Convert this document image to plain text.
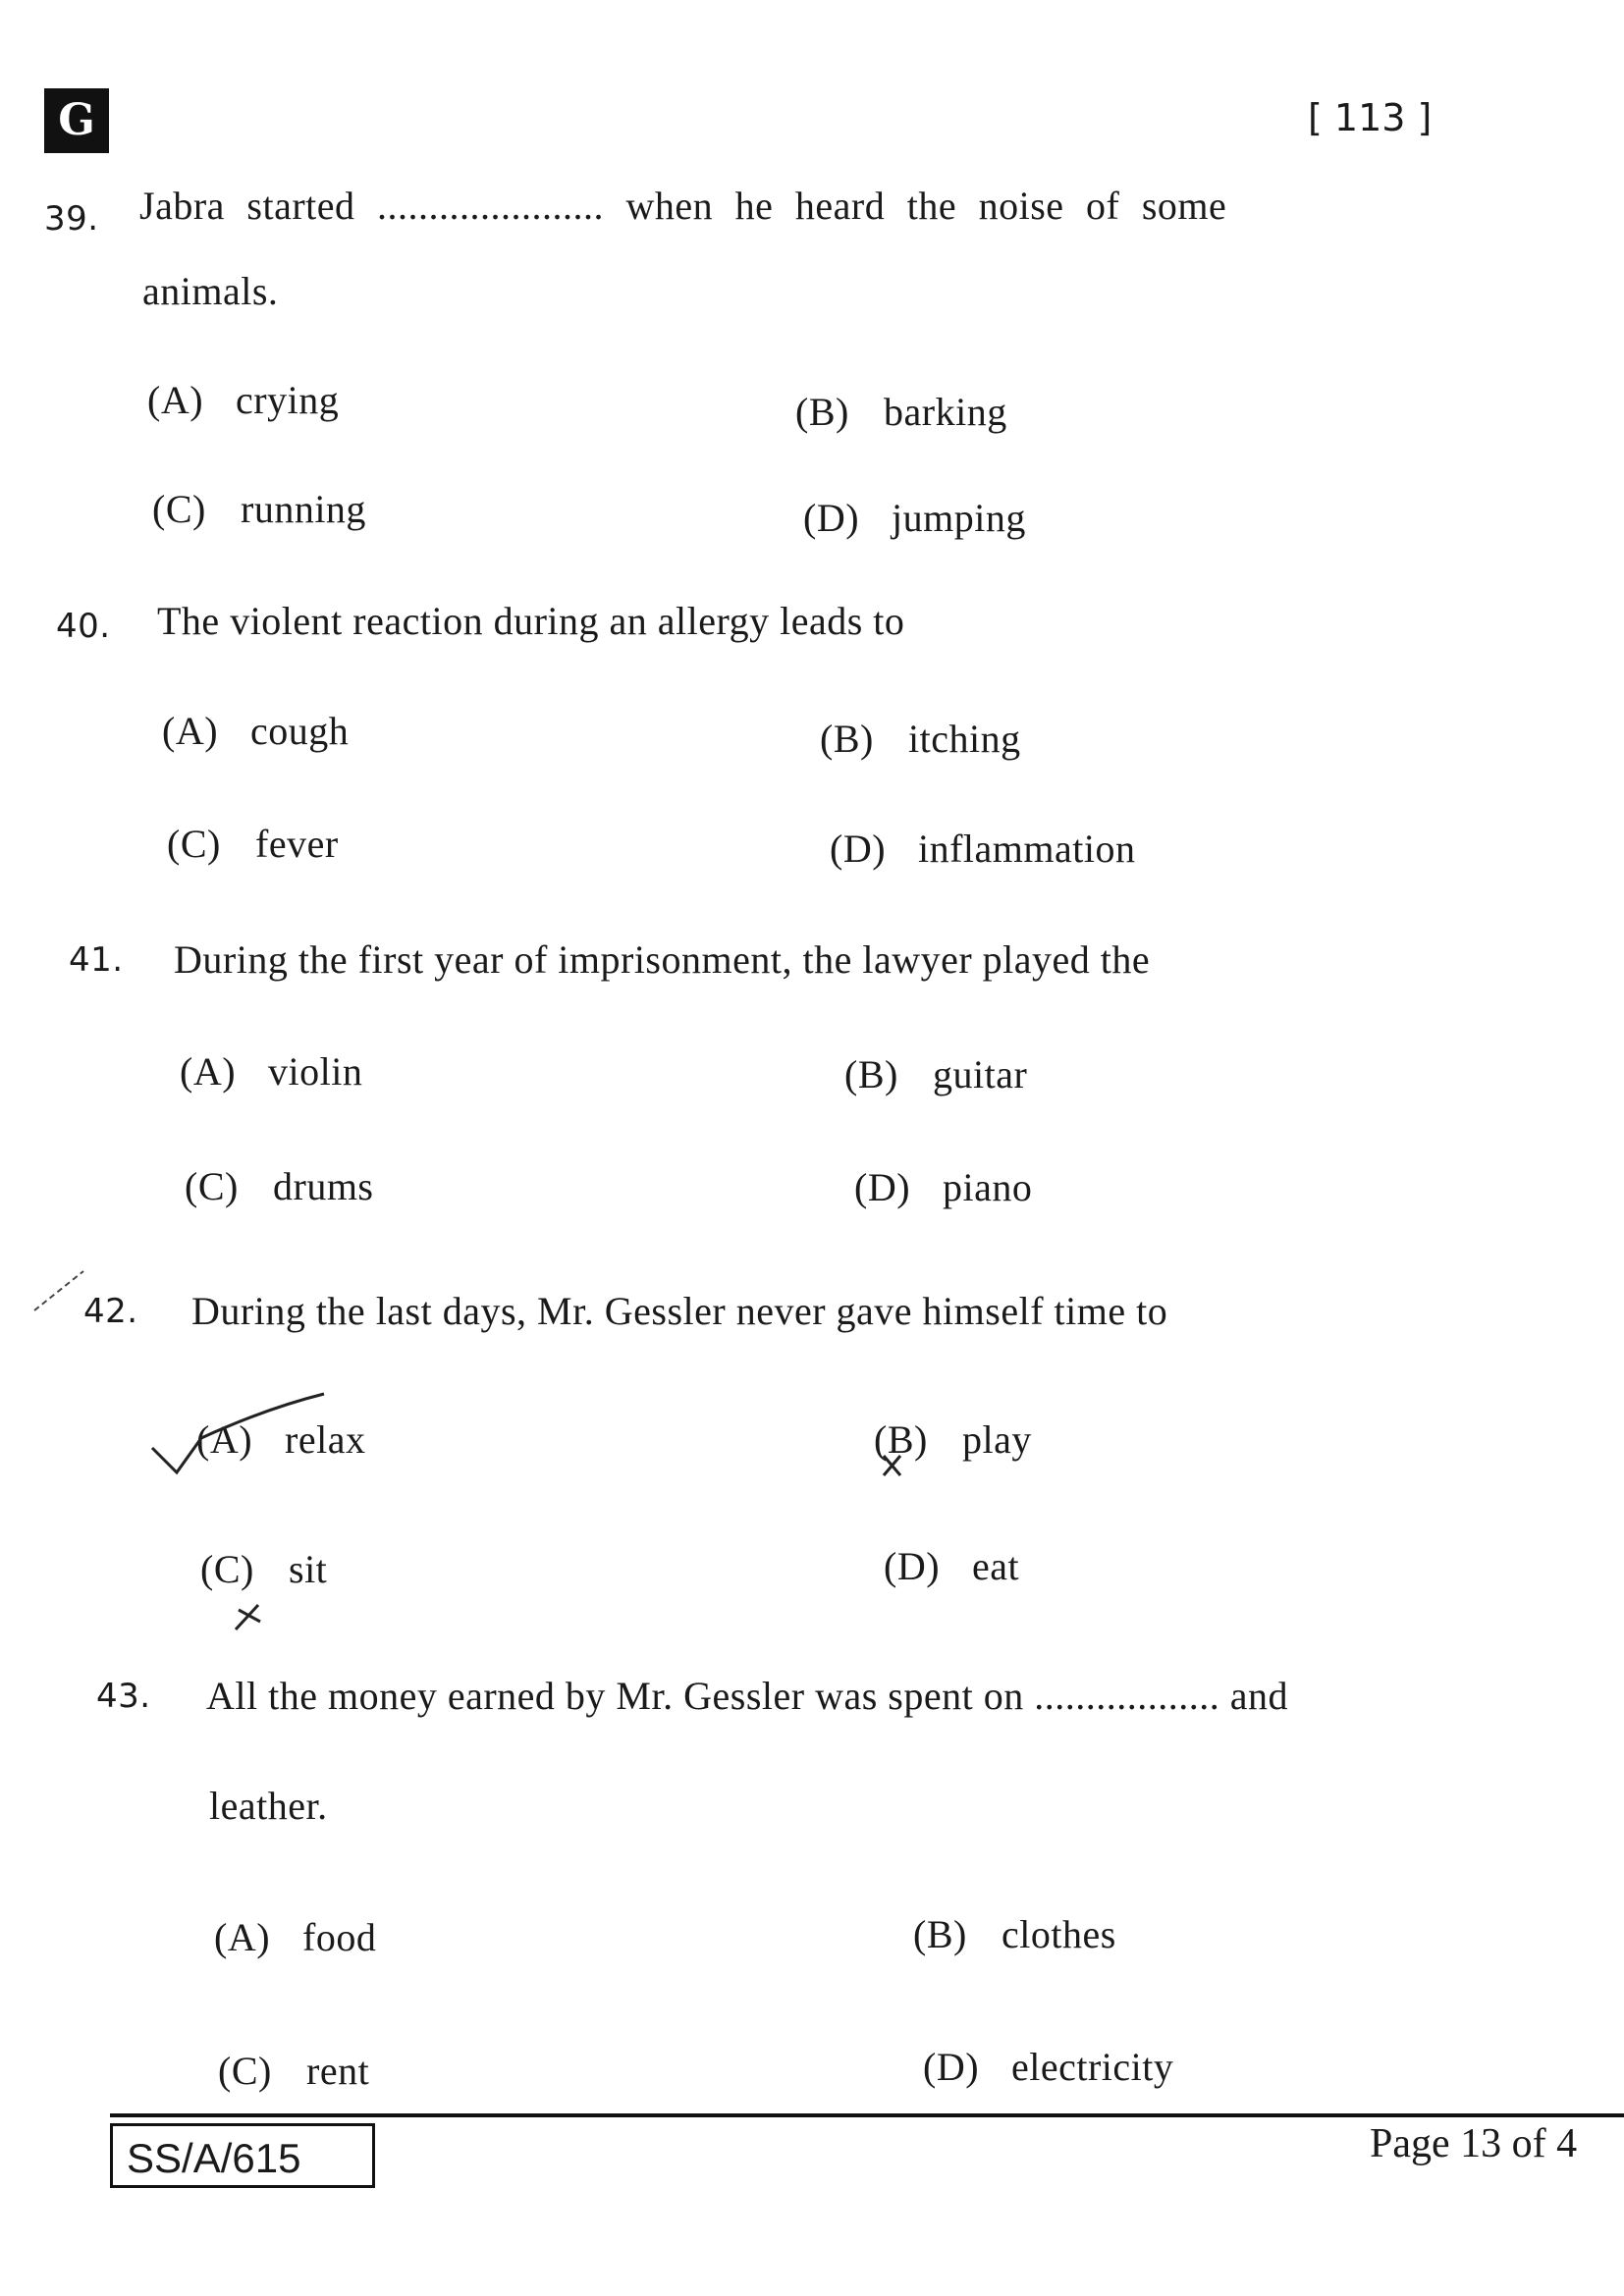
G	[ 113 ]
39. Jabra started ...................... when he heard the noise of some
animals.
(A) crying	(B) barking
(C) running	(D) jumping
40. The violent reaction during an allergy leads to
(A) cough	(B) itching
(C) fever	(D) inflammation
41. During the first year of imprisonment, the lawyer played the
(A) violin	(B) guitar
(C) drums	(D) piano
42. During the last days, Mr. Gessler never gave himself time to
(A) relax	(B) play
(C) sit	(D) eat
43. All the money earned by Mr. Gessler was spent on .................. and
leather.
(A) food	(B) clothes
(C) rent	(D) electricity
SS/A/615	Page 13 of 4
